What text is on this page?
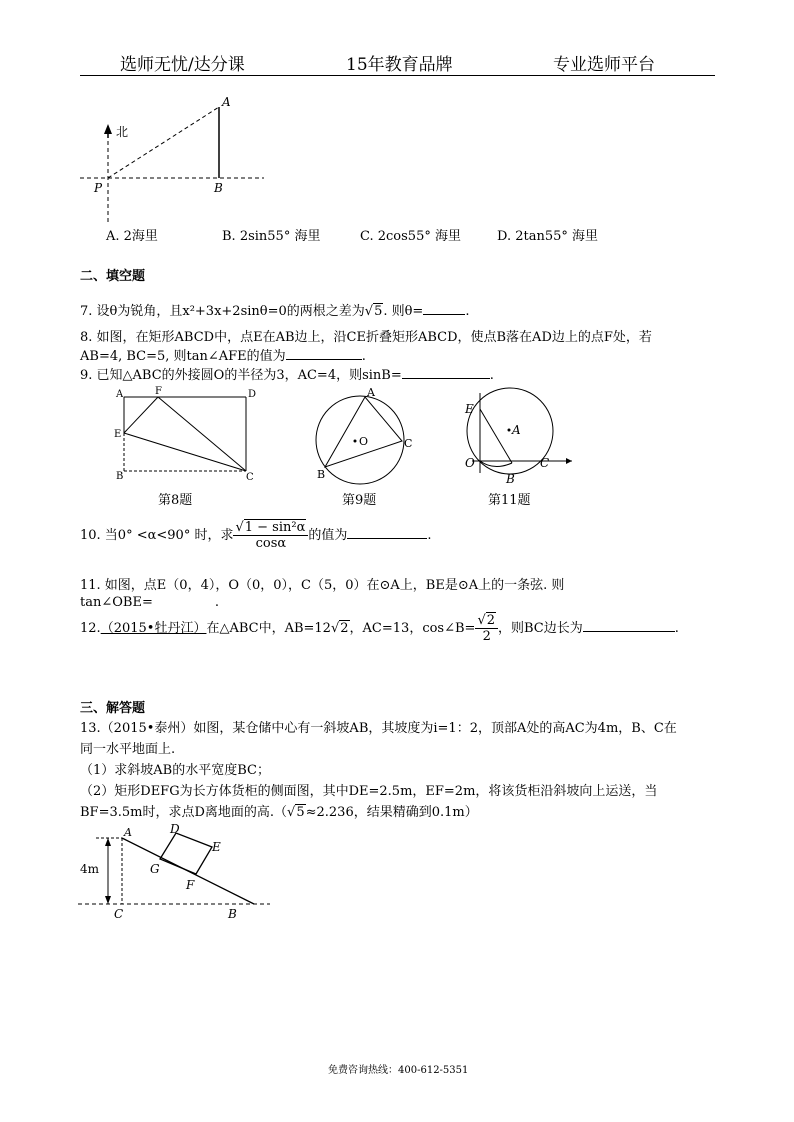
选师无忧/达分课	15年教育品牌	专业选师平台
北
A
P	B
A. 2海里	B. 2sin55° 海里	C. 2cos55° 海里	D. 2tan55° 海里
二、填空题
7. 设θ为锐角，且x²+3x+2sinθ=0的两根之差为√5. 则θ=	.
8. 如图，在矩形ABCD中，点E在AB边上，沿CE折叠矩形ABCD，使点B落在AD边上的点F处，若
AB=4, BC=5, 则tan∠AFE的值为	.
9. 已知△ABC的外接圆O的半径为3，AC=4，则sinB=	.
A	F	D
E
B	C
第8题
A
O
B
C
第9题
E
A
O
B
C
第11题
10. 当0° <α<90° 时，求 $\frac{\text{√1 − sin²α}}{\cos\alpha}$ 的值为	.
11. 如图，点E（0，4），O（0，0），C（5，0）在⊙A上，BE是⊙A上的一条弦. 则
tan∠OBE=	.
12.（2015•牡丹江）在△ABC中，AB=12√2，AC=13，cos∠B= $\frac{√2}{2}$ ，则BC边长为	.
三、解答题
13.（2015•泰州）如图，某仓储中心有一斜坡AB，其坡度为i=1：2，顶部A处的高AC为4m，B、C在
同一水平地面上.
（1）求斜坡AB的水平宽度BC；
（2）矩形DEFG为长方体货柜的侧面图，其中DE=2.5m，EF=2m，将该货柜沿斜坡向上运送，当
BF=3.5m时，求点D离地面的高.（√5≈2.236，结果精确到0.1m）
A	D
E
G
F
C	B
4m
免费咨询热线：400-612-5351
